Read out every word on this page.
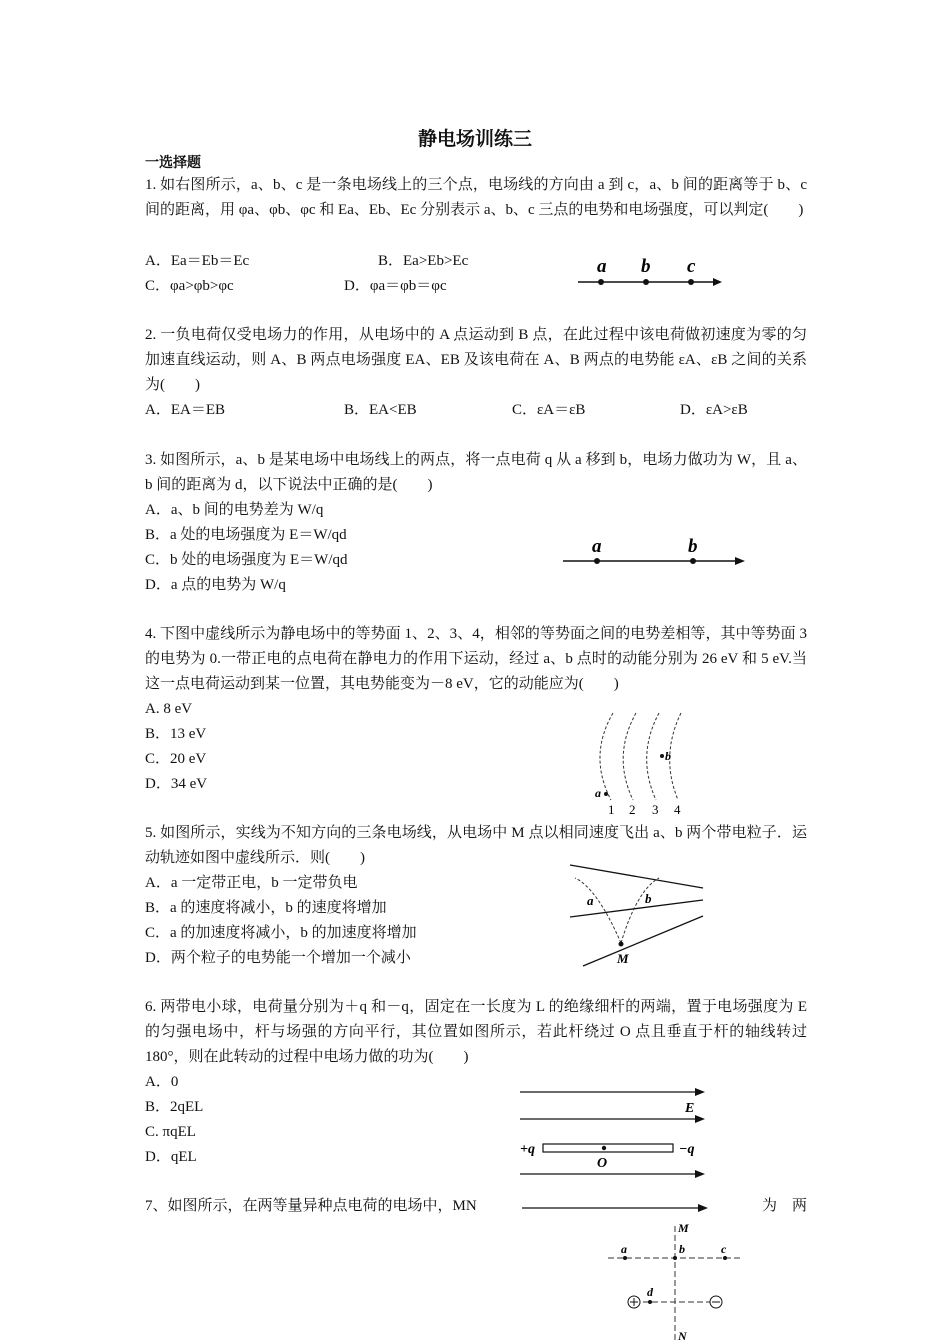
静电场训练三
一选择题
1. 如右图所示，a、b、c 是一条电场线上的三个点，电场线的方向由 a 到 c，a、b 间的距离等于 b、c 间的距离，用 φa、φb、φc 和 Ea、Eb、Ec 分别表示 a、b、c 三点的电势和电场强度，可以判定(　　)
A．Ea＝Eb＝Ec	B．Ea>Eb>Ec
C．φa>φb>φc	D．φa＝φb＝φc
a b c
2. 一负电荷仅受电场力的作用，从电场中的 A 点运动到 B 点，在此过程中该电荷做初速度为零的匀加速直线运动，则 A、B 两点电场强度 EA、EB 及该电荷在 A、B 两点的电势能 εA、εB 之间的关系为(　　)
A．EA＝EB	B．EA<EB	C．εA＝εB	D．εA>εB
3. 如图所示，a、b 是某电场中电场线上的两点，将一点电荷 q 从 a 移到 b，电场力做功为 W，且 a、b 间的距离为 d，以下说法中正确的是(　　)
A．a、b 间的电势差为 W/q
B．a 处的电场强度为 E＝W/qd
C．b 处的电场强度为 E＝W/qd
D．a 点的电势为 W/q
a	b
4. 下图中虚线所示为静电场中的等势面 1、2、3、4，相邻的等势面之间的电势差相等，其中等势面 3 的电势为 0.一带正电的点电荷在静电力的作用下运动，经过 a、b 点时的动能分别为 26 eV 和 5 eV.当这一点电荷运动到某一位置，其电势能变为－8 eV，它的动能应为(　　)
A. 8 eV
B．13 eV
C．20 eV
D．34 eV
a
b
1 2 3 4
5. 如图所示，实线为不知方向的三条电场线，从电场中 M 点以相同速度飞出 a、b 两个带电粒子．运动轨迹如图中虚线所示．则(　　)
A．a 一定带正电，b 一定带负电
B．a 的速度将减小，b 的速度将增加
C．a 的加速度将减小，b 的加速度将增加
D．两个粒子的电势能一个增加一个减小
a	b
M
6. 两带电小球，电荷量分别为＋q 和－q，固定在一长度为 L 的绝缘细杆的两端，置于电场强度为 E 的匀强电场中，杆与场强的方向平行，其位置如图所示，若此杆绕过 O 点且垂直于杆的轴线转过 180°，则在此转动的过程中电场力做的功为(　　)
A．0
B．2qEL
C. πqEL
D．qEL
E
+q	−q
O
7、如图所示，在两等量异种点电荷的电场中，MN	为　两
M
a	b	c
d
N
